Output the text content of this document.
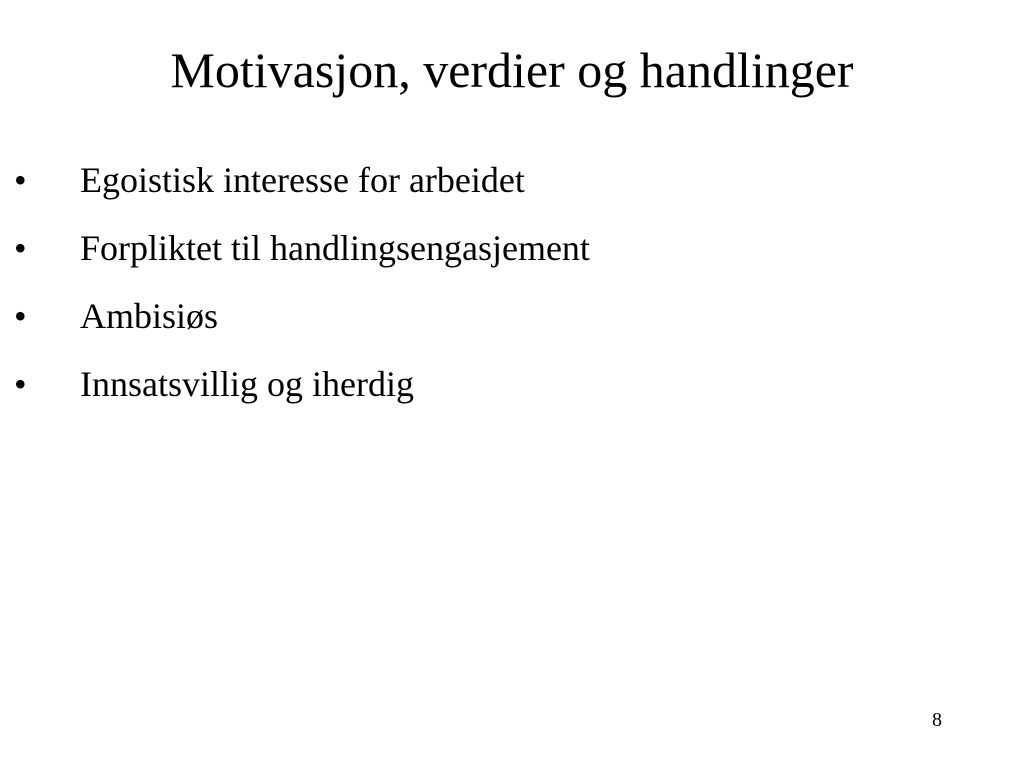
Motivasjon, verdier og handlinger
• Egoistisk interesse for arbeidet
• Forpliktet til handlingsengasjement
• Ambisiøs
• Innsatsvillig og iherdig
8
